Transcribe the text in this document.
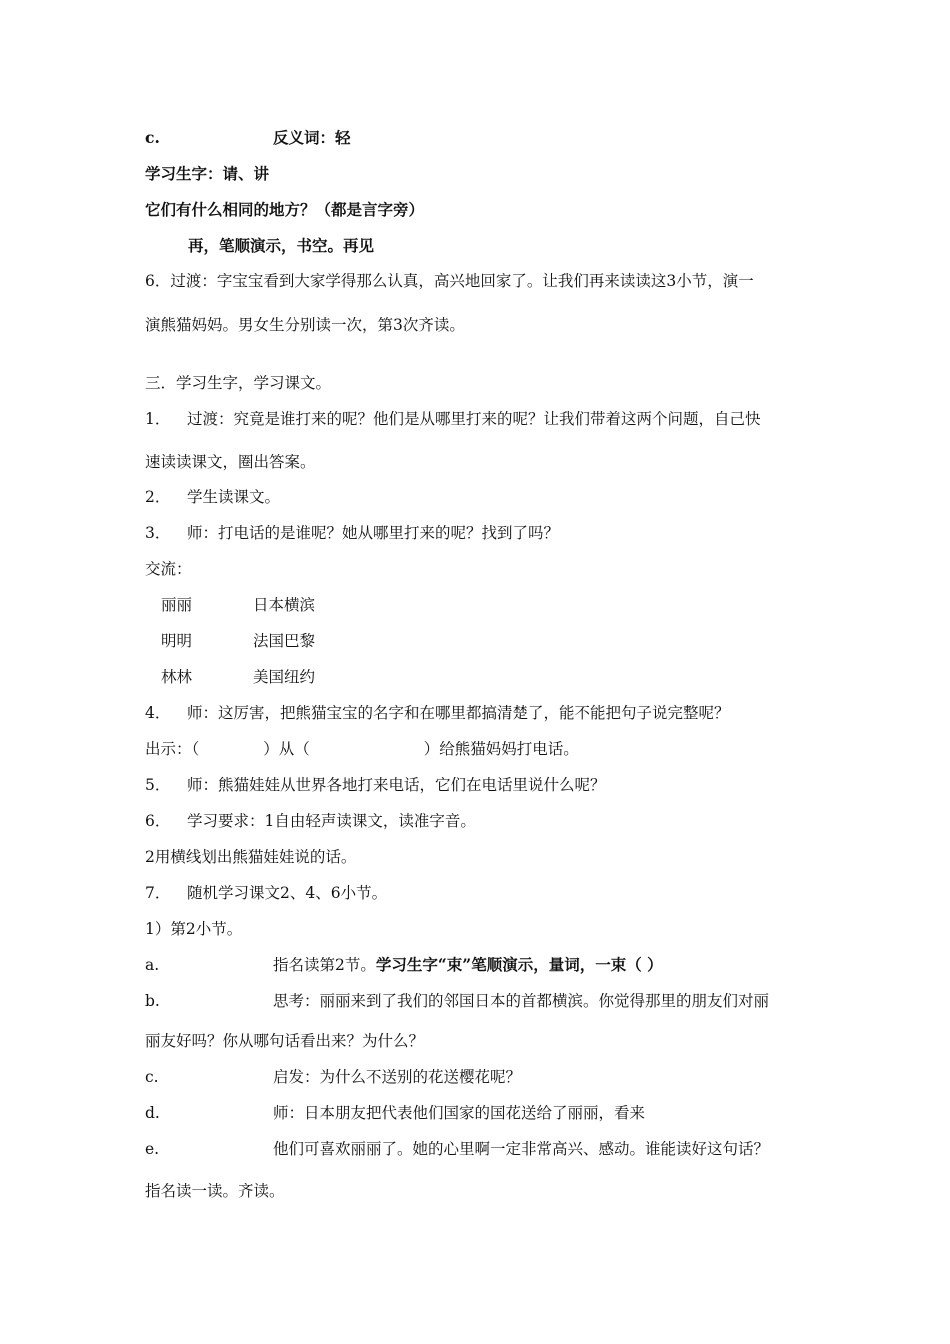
c.	反义词：轻
学习生字：请、讲
它们有什么相同的地方？（都是言字旁）
再，笔顺演示，书空。再见
6．过渡：字宝宝看到大家学得那么认真，高兴地回家了。让我们再来读读这3小节，演一
演熊猫妈妈。男女生分别读一次，第3次齐读。
三．学习生字，学习课文。
1． 过渡：究竟是谁打来的呢？他们是从哪里打来的呢？让我们带着这两个问题，自己快
速读读课文，圈出答案。
2． 学生读课文。
3． 师：打电话的是谁呢？她从哪里打来的呢？找到了吗？
交流：
丽丽	日本横滨
明明	法国巴黎
林林	美国纽约
4． 师：这厉害，把熊猫宝宝的名字和在哪里都搞清楚了，能不能把句子说完整呢？
出示：（	）从（	）给熊猫妈妈打电话。
5． 师：熊猫娃娃从世界各地打来电话，它们在电话里说什么呢？
6． 学习要求：1自由轻声读课文，读准字音。
2用横线划出熊猫娃娃说的话。
7． 随机学习课文2、4、6小节。
1）第2小节。
a.	指名读第2节。学习生字“束”笔顺演示，量词，一束（ ）
b.	思考：丽丽来到了我们的邻国日本的首都横滨。你觉得那里的朋友们对丽
丽友好吗？你从哪句话看出来？为什么？
c.	启发：为什么不送别的花送樱花呢？
d.	师：日本朋友把代表他们国家的国花送给了丽丽，看来
e.	他们可喜欢丽丽了。她的心里啊一定非常高兴、感动。谁能读好这句话？
指名读一读。齐读。
